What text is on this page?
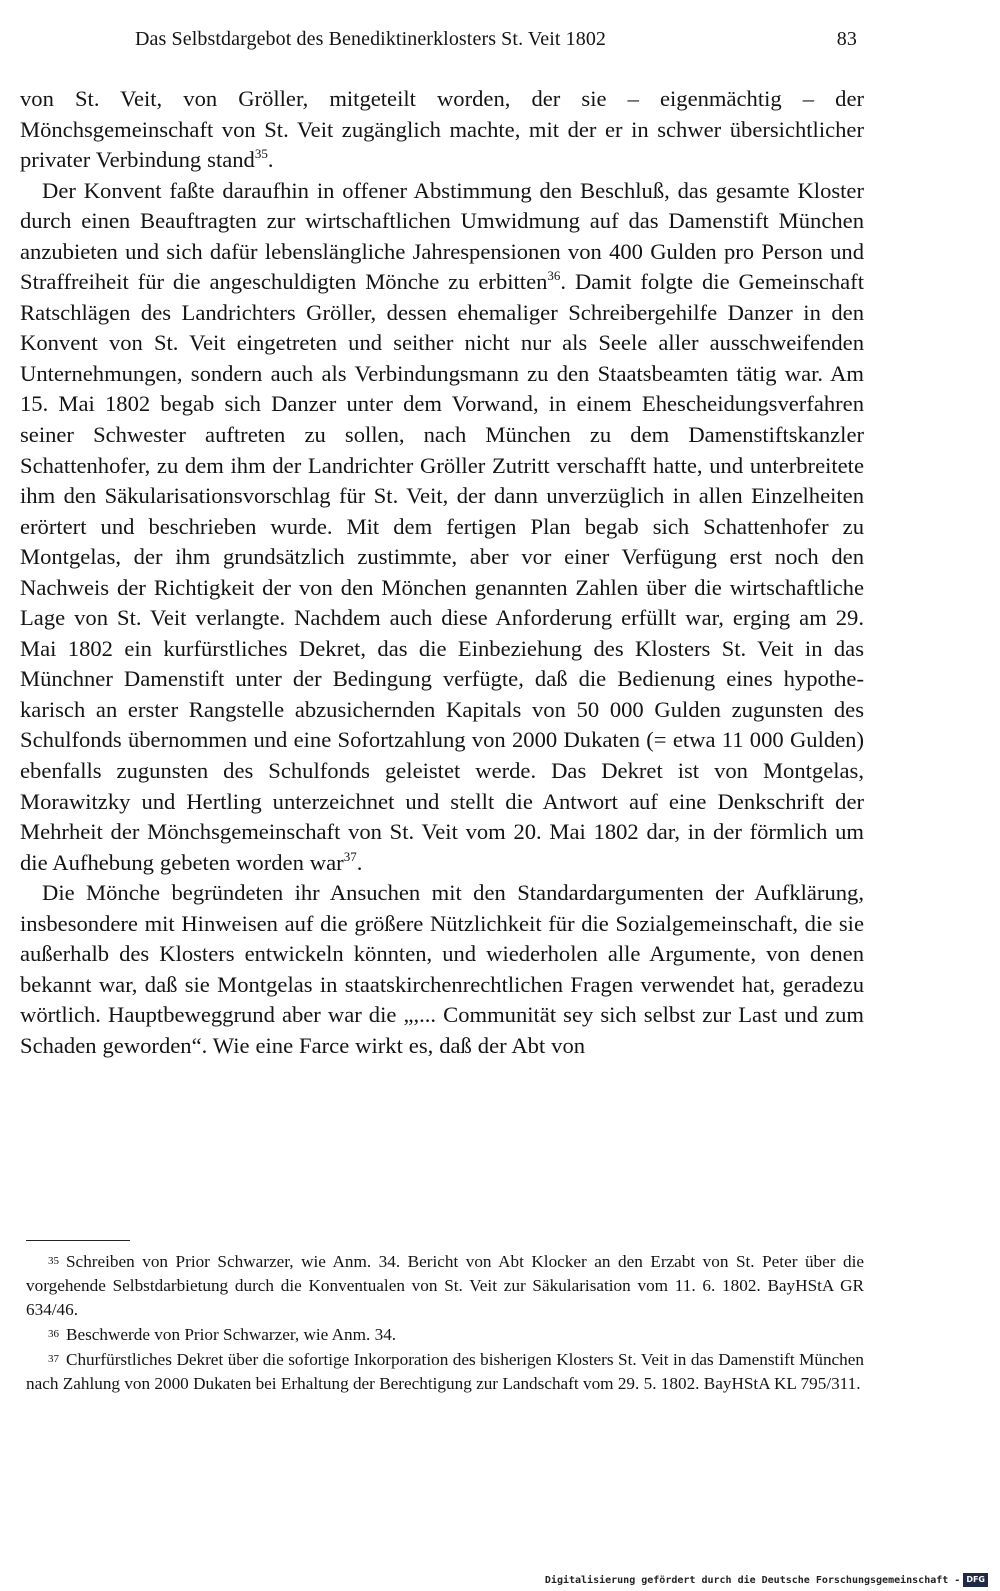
Das Selbstdargebot des Benediktinerklosters St. Veit 1802	83

von St. Veit, von Gröller, mitgeteilt worden, der sie – eigenmächtig – der Mönchsgemeinschaft von St. Veit zugänglich machte, mit der er in schwer übersichtlicher privater Verbindung stand$^{35}$.

Der Konvent faßte daraufhin in offener Abstimmung den Beschluß, das gesamte Kloster durch einen Beauftragten zur wirtschaftlichen Umwidmung auf das Damenstift München anzubieten und sich dafür lebenslängliche Jahrespensionen von 400 Gulden pro Person und Straffreiheit für die angeschuldigten Mönche zu erbitten$^{36}$. Damit folgte die Gemeinschaft Ratschlägen des Landrichters Gröller, dessen ehemaliger Schreibergehilfe Danzer in den Konvent von St. Veit eingetreten und seither nicht nur als Seele aller ausschweifenden Unternehmungen, sondern auch als Verbindungsmann zu den Staatsbeamten tätig war. Am 15. Mai 1802 begab sich Danzer unter dem Vorwand, in einem Ehescheidungsverfahren seiner Schwester auftreten zu sollen, nach München zu dem Damenstiftskanzler Schattenhofer, zu dem ihm der Landrichter Gröller Zutritt verschafft hatte, und unterbreitete ihm den Säkularisationsvorschlag für St. Veit, der dann unverzüglich in allen Einzelheiten erörtert und beschrieben wurde. Mit dem fertigen Plan begab sich Schattenhofer zu Montgelas, der ihm grundsätzlich zustimmte, aber vor einer Verfügung erst noch den Nachweis der Richtigkeit der von den Mönchen genannten Zahlen über die wirtschaftliche Lage von St. Veit verlangte. Nachdem auch diese Anforderung erfüllt war, erging am 29. Mai 1802 ein kurfürstliches Dekret, das die Einbeziehung des Klosters St. Veit in das Münchner Damenstift unter der Bedingung verfügte, daß die Bedienung eines hypothekarisch an erster Rangstelle abzusichernden Kapitals von 50 000 Gulden zugunsten des Schulfonds übernommen und eine Sofortzahlung von 2000 Dukaten (= etwa 11 000 Gulden) ebenfalls zugunsten des Schulfonds geleistet werde. Das Dekret ist von Montgelas, Morawitzky und Hertling unterzeichnet und stellt die Antwort auf eine Denkschrift der Mehrheit der Mönchsgemeinschaft von St. Veit vom 20. Mai 1802 dar, in der förmlich um die Aufhebung gebeten worden war$^{37}$.

Die Mönche begründeten ihr Ansuchen mit den Standardargumenten der Aufklärung, insbesondere mit Hinweisen auf die größere Nützlichkeit für die Sozialgemeinschaft, die sie außerhalb des Klosters entwickeln könnten, und wiederholen alle Argumente, von denen bekannt war, daß sie Montgelas in staatskirchenrechtlichen Fragen verwendet hat, geradezu wörtlich. Hauptbeweggrund aber war die „,... Communität sey sich selbst zur Last und zum Schaden geworden“. Wie eine Farce wirkt es, daß der Abt von

35 Schreiben von Prior Schwarzer, wie Anm. 34. Bericht von Abt Klocker an den Erzabt von St. Peter über die vorgehende Selbstdarbietung durch die Konventualen von St. Veit zur Säkularisation vom 11. 6. 1802. BayHStA GR 634/46.

36 Beschwerde von Prior Schwarzer, wie Anm. 34.

37 Churfürstliches Dekret über die sofortige Inkorporation des bisherigen Klosters St. Veit in das Damenstift München nach Zahlung von 2000 Dukaten bei Erhaltung der Berechtigung zur Landschaft vom 29. 5. 1802. BayHStA KL 795/311.

Digitalisierung gefördert durch die Deutsche Forschungsgemeinschaft - DFG
